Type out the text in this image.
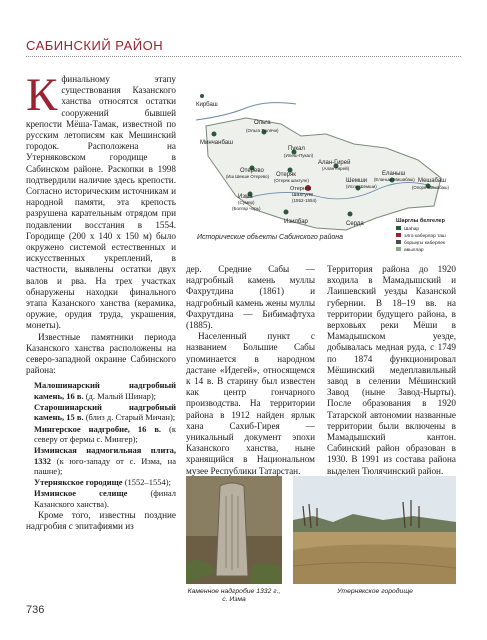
САБИНСКИЙ РАЙОН
К финальному этапу существования Казанского ханства относятся остатки сооружений бывшей крепости Мёша-Тамак, известной по русским летописям как Мешинский городок. Расположена на Утерняковском городище в Сабинском районе. Раскопки в 1998 подтвердили наличие здесь крепости. Согласно историческим источникам и народной памяти, эта крепость разрушена карательным отрядом при подавлении восстания в 1554. Городище (200 х 140 х 150 м) было окружено системой естественных и искусственных укреплений, в частности, выявлены остатки двух валов и рва. На трех участках обнаружены находки финального этапа Казанского ханства (керамика, оружие, орудия труда, украшения, монеты).

Известные памятники периода Казанского ханства расположены на северо-западной окраине Сабинского района:

Малошинарский надгробный камень, 16 в. (д. Малый Шинар);
Старошинарский надгробный камень, 15 в. (близ д. Старый Мичан);
Мингерское надгробие, 16 в. (к северу от фермы с. Мингер);
Изминская надмогильная плита, 1332 (к юго-западу от с. Изма, на пашне);
Утернякское городище (1552–1554);
Изминское селище	(финал Казанского ханства).

Кроме того, известны поздние надгробия с эпитафиями из

Кирбаш
Минчанбаш
Ольга
(Ольга Тюлячи)
Пукал
(Илеш-Пукал)
Отерево
(Иш Шекше Отерево) Отеряк
(Отеряк шахгуле)
Алан-Гирей
(Алан Гирей)
Отерняк
шахгуле
(1552-1554)
Шемши
(Исле Шемши)
Еланыш
(Еланыш Мишабаш) Мешабаш
(Опорн Мишабаш)
Изма
(Сумер)
(Болгар чорь)
Изилбар	Серда	Шарглы белгелер
Шаһар
элгә каберләр таш
борыңгы каберлек
авыллар
Исторические объекты Сабинского района

дер. Средние Сабы — надгробный камень муллы Фахрутдина (1861) и надгробный камень жены муллы Фахрутдина — Бибимафтуха (1885).

Населенный пункт с названием Большие Сабы упоминается в народном дастане «Идегей», относящемся к 14 в. В старину был известен как центр гончарного производства. На территории района в 1912 найден ярлык хана Сахиб-Гирея — уникальный документ эпохи Казанского ханства, ныне хранящийся в Национальном музее Республики Татарстан.

Территория района до 1920 входила в Мамадышский и Лаишевский уезды Казанской губернии. В 18–19 вв. на территории будущего района, в верховьях реки Мёши в Мамадышском уезде, добывалась медная руда, с 1749 по 1874 функционировал Мёшинский медеплавильный завод в селении Мёшинский Завод (ныне Завод-Нырты). После образования в 1920 Татарской автономии названные территории были включены в Мамадышский кантон. Сабинский район образован в 1930. В 1991 из состава района выделен Тюлячинский район.

Каменное надгробие 1332 г., с. Изма
Утернякское городище
736
